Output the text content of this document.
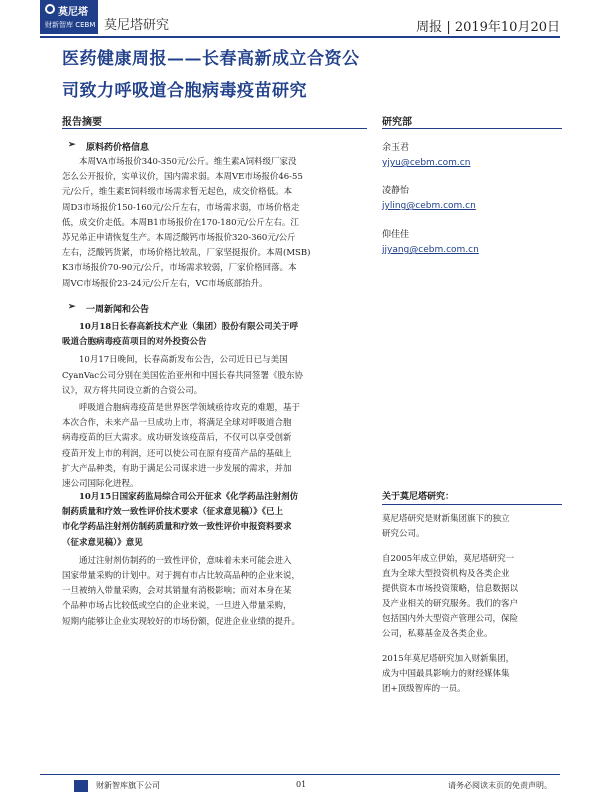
莫尼塔
财新智库 CEBM 莫尼塔研究	周报 | 2019年10月20日
医药健康周报——长春高新成立合资公
司致力呼吸道合胞病毒疫苗研究
报告摘要	研究部
➢ 原料药价格信息
本周VA市场报价340-350元/公斤。维生素A饲料级厂家没
怎么公开报价，实单议价，国内需求弱。本周VE市场报价46-55
元/公斤，维生素E饲料级市场需求暂无起色，成交价格低。本
周D3市场报价150-160元/公斤左右，市场需求弱，市场价格走
低，成交价走低。本周B1市场报价在170-180元/公斤左右。江
苏兄弟正申请恢复生产。本周泛酸钙市场报价320-360元/公斤
左右，泛酸钙货紧，市场价格比较乱，厂家坚挺报价。本周(MSB)
K3市场报价70-90元/公斤，市场需求较弱，厂家价格回落。本
周VC市场报价23-24元/公斤左右，VC市场底部抬升。
➢ 一周新闻和公告
10月18日长春高新技术产业（集团）股份有限公司关于呼
吸道合胞病毒疫苗项目的对外投资公告
10月17日晚间，长春高新发布公告，公司近日已与美国
CyanVac公司分别在美国佐治亚州和中国长春共同签署《股东协
议》，双方将共同设立新的合资公司。
呼吸道合胞病毒疫苗是世界医学领域亟待攻克的难题，基于
本次合作，未来产品一旦成功上市，将满足全球对呼吸道合胞
病毒疫苗的巨大需求。成功研发该疫苗后，不仅可以享受创新
疫苗开发上市的利润，还可以使公司在原有疫苗产品的基础上
扩大产品种类，有助于满足公司谋求进一步发展的需求，并加
速公司国际化进程。
10月15日国家药监局综合司公开征求《化学药品注射剂仿
制药质量和疗效一致性评价技术要求（征求意见稿）》《已上
市化学药品注射剂仿制药质量和疗效一致性评价申报资料要求
（征求意见稿）》意见
通过注射剂仿制药的一致性评价，意味着未来可能会进入
国家带量采购的计划中。对于拥有市占比较高品种的企业来说，
一旦被纳入带量采购，会对其销量有消极影响；而对本身在某
个品种市场占比较低或空白的企业来说，一旦进入带量采购，
短期内能够让企业实现较好的市场份额，促进企业业绩的提升。
余玉君
yjyu@cebm.com.cn
凌静怡
jyling@cebm.com.cn
仰佳佳
jjyang@cebm.com.cn
关于莫尼塔研究：
莫尼塔研究是财新集团旗下的独立
研究公司。
自2005年成立伊始，莫尼塔研究一
直为全球大型投资机构及各类企业
提供资本市场投资策略，信息数据以
及产业相关的研究服务。我们的客户
包括国内外大型资产管理公司，保险
公司，私募基金及各类企业。
2015年莫尼塔研究加入财新集团，
成为中国最具影响力的财经媒体集
团+顶级智库的一员。
财新智库旗下公司	01	请务必阅读末页的免责声明。
